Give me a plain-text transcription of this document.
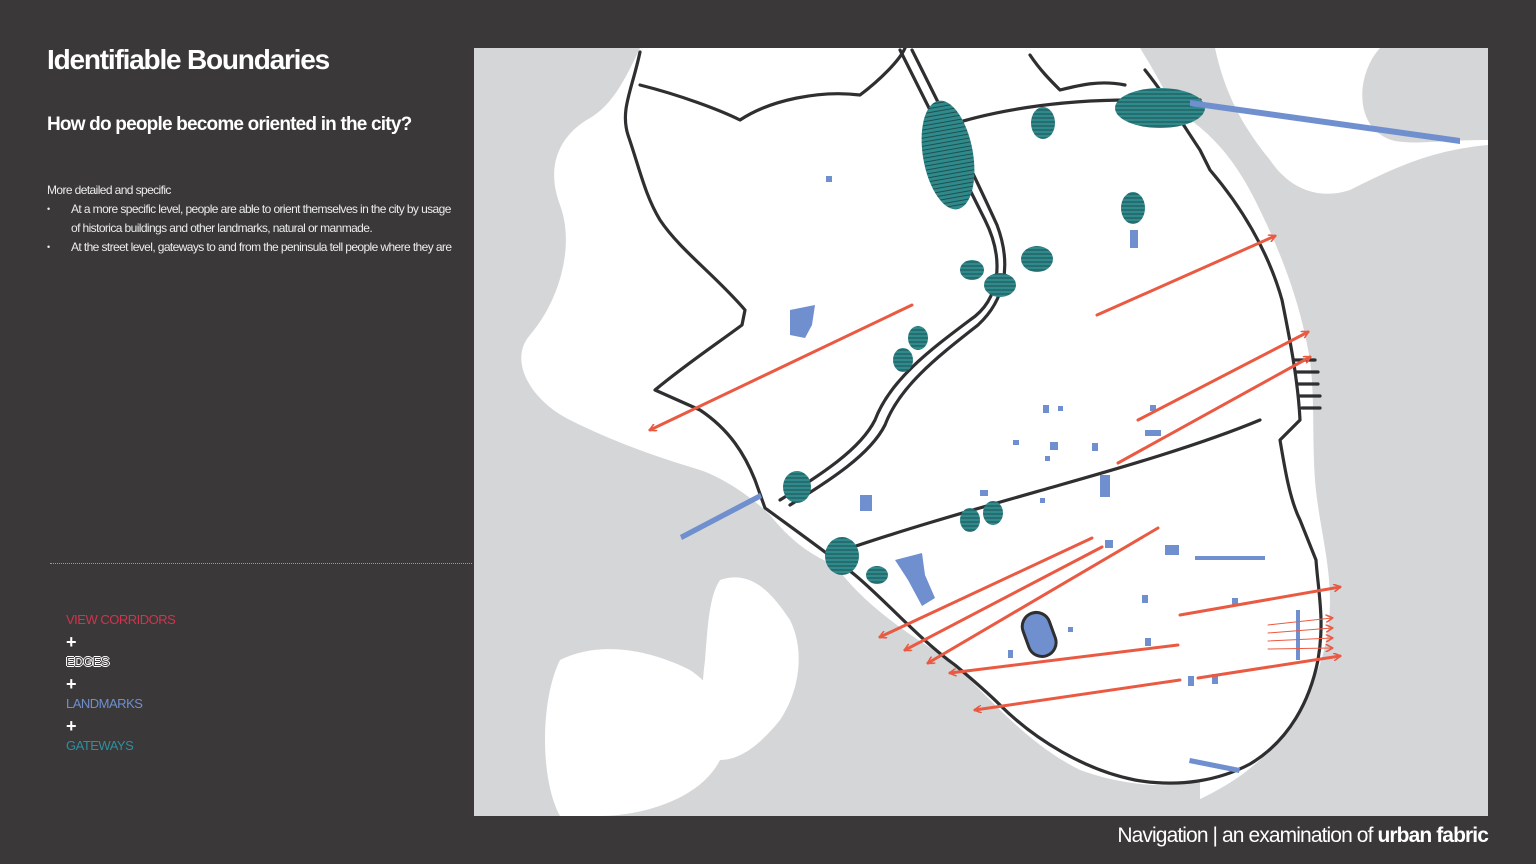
Identifiable Boundaries
How do people become oriented in the city?

More detailed and specific

• At a more specific level, people are able to orient themselves in the city by usage of historica buildings and other landmarks, natural or manmade.
• At the street level, gateways to and from the peninsula tell people where they are
VIEW CORRIDORS
+
EDGES
+
LANDMARKS
+
GATEWAYS
Navigation | an examination of urban fabric
